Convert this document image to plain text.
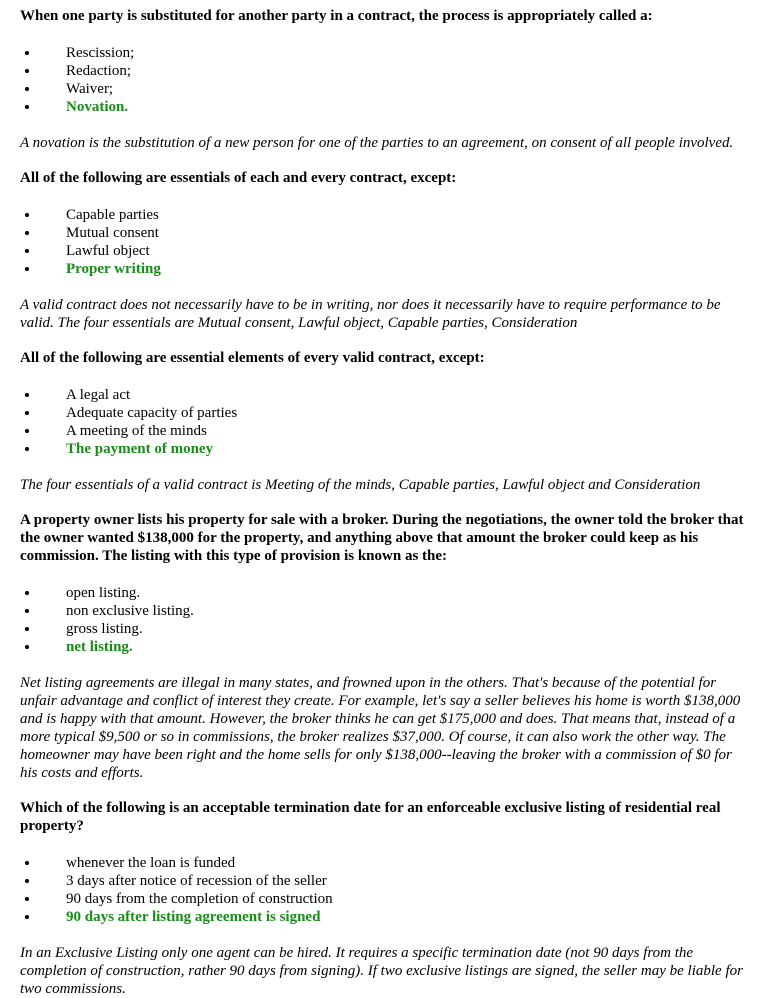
When one party is substituted for another party in a contract, the process is appropriately called a:

Rescission;
Redaction;
Waiver;
Novation.

A novation is the substitution of a new person for one of the parties to an agreement, on consent of all people involved.

All of the following are essentials of each and every contract, except:

Capable parties
Mutual consent
Lawful object
Proper writing

A valid contract does not necessarily have to be in writing, nor does it necessarily have to require performance to be valid. The four essentials are Mutual consent, Lawful object, Capable parties, Consideration

All of the following are essential elements of every valid contract, except:

A legal act
Adequate capacity of parties
A meeting of the minds
The payment of money

The four essentials of a valid contract is Meeting of the minds, Capable parties, Lawful object and Consideration

A property owner lists his property for sale with a broker. During the negotiations, the owner told the broker that the owner wanted $138,000 for the property, and anything above that amount the broker could keep as his commission. The listing with this type of provision is known as the:

open listing.
non exclusive listing.
gross listing.
net listing.

Net listing agreements are illegal in many states, and frowned upon in the others. That's because of the potential for unfair advantage and conflict of interest they create. For example, let's say a seller believes his home is worth $138,000 and is happy with that amount. However, the broker thinks he can get $175,000 and does. That means that, instead of a more typical $9,500 or so in commissions, the broker realizes $37,000. Of course, it can also work the other way. The homeowner may have been right and the home sells for only $138,000--leaving the broker with a commission of $0 for his costs and efforts.

Which of the following is an acceptable termination date for an enforceable exclusive listing of residential real property?

whenever the loan is funded
3 days after notice of recession of the seller
90 days from the completion of construction
90 days after listing agreement is signed

In an Exclusive Listing only one agent can be hired. It requires a specific termination date (not 90 days from the completion of construction, rather 90 days from signing). If two exclusive listings are signed, the seller may be liable for two commissions.
